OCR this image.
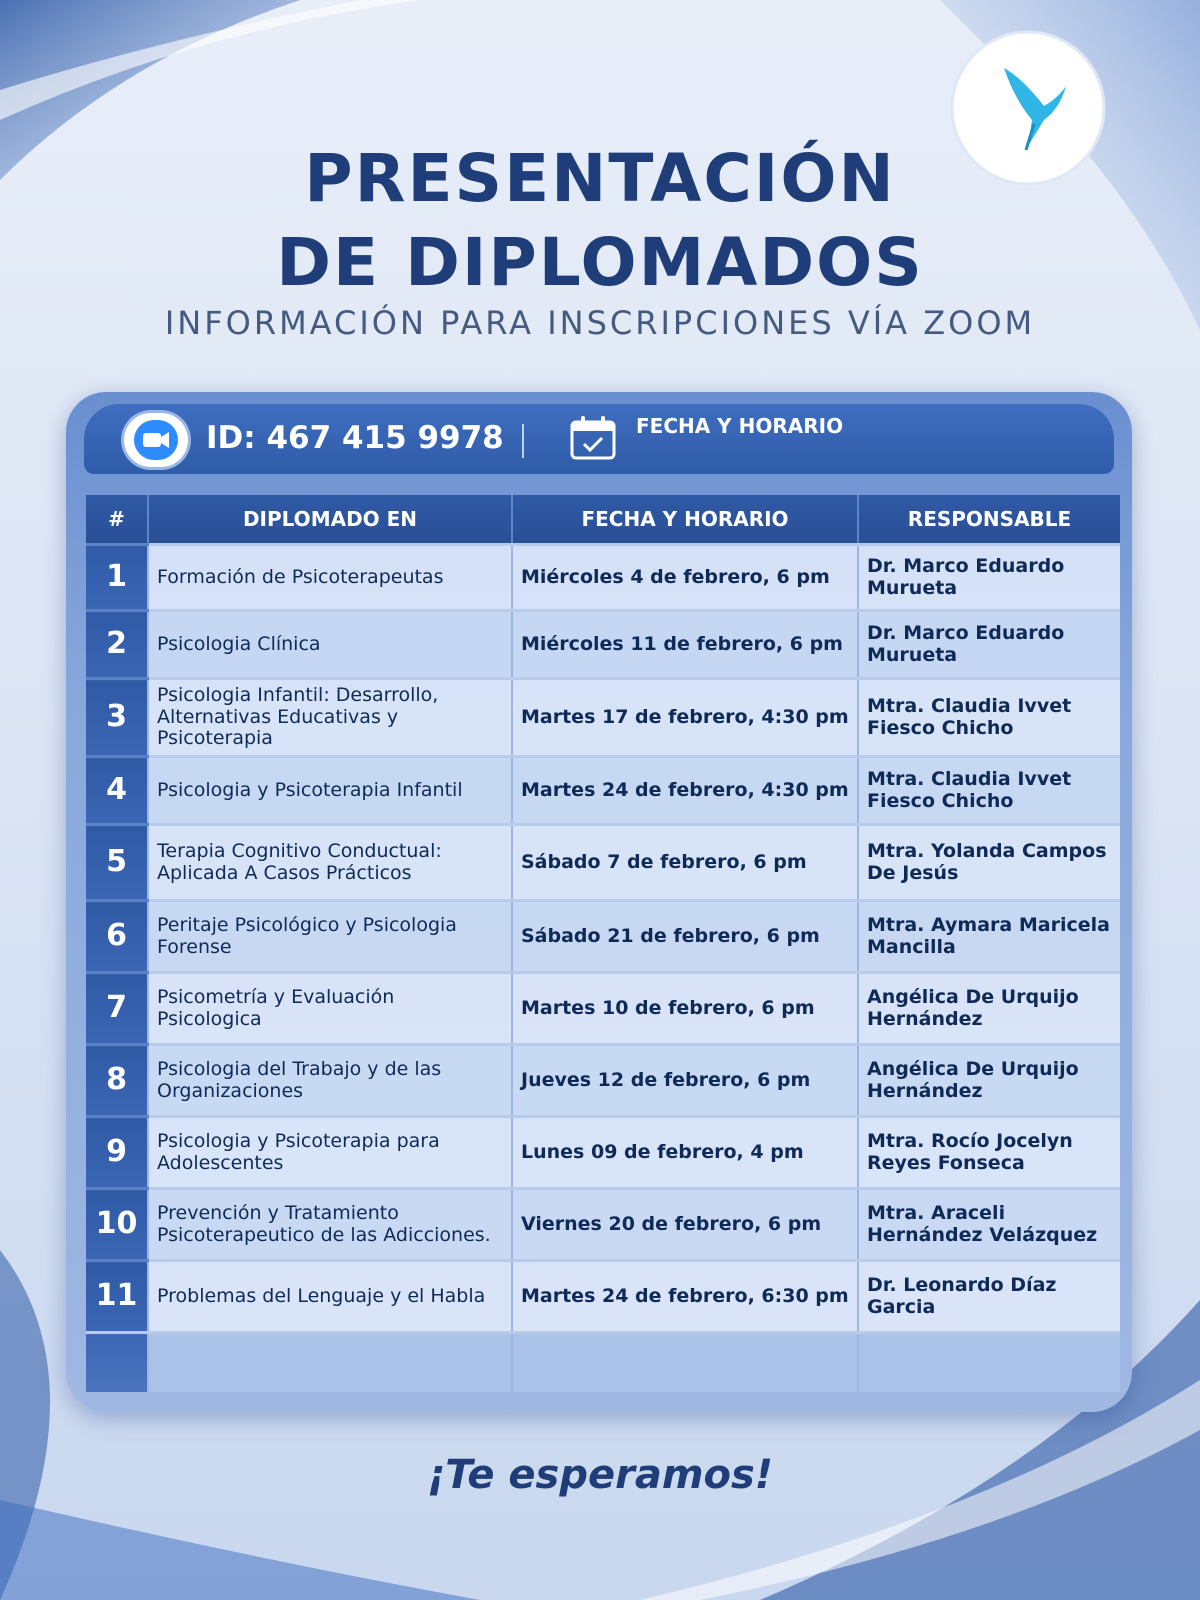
PRESENTACIÓN
DE DIPLOMADOS
INFORMACIÓN PARA INSCRIPCIONES VÍA ZOOM
ID: 467 415 9978	FECHA Y HORARIO
#	DIPLOMADO EN	FECHA Y HORARIO	RESPONSABLE
1	Formación de Psicoterapeutas	Miércoles 4 de febrero, 6 pm	Dr. Marco Eduardo Murueta
2	Psicologia Clínica	Miércoles 11 de febrero, 6 pm	Dr. Marco Eduardo Murueta
3	Psicologia Infantil: Desarrollo, Alternativas Educativas y Psicoterapia	Martes 17 de febrero, 4:30 pm	Mtra. Claudia Ivvet Fiesco Chicho
4	Psicologia y Psicoterapia Infantil	Martes 24 de febrero, 4:30 pm	Mtra. Claudia Ivvet Fiesco Chicho
5	Terapia Cognitivo Conductual: Aplicada A Casos Prácticos	Sábado 7 de febrero, 6 pm	Mtra. Yolanda Campos De Jesús
6	Peritaje Psicológico y Psicologia Forense	Sábado 21 de febrero, 6 pm	Mtra. Aymara Maricela Mancilla
7	Psicometría y Evaluación Psicologica	Martes 10 de febrero, 6 pm	Angélica De Urquijo Hernández
8	Psicologia del Trabajo y de las Organizaciones	Jueves 12 de febrero, 6 pm	Angélica De Urquijo Hernández
9	Psicologia y Psicoterapia para Adolescentes	Lunes 09 de febrero, 4 pm	Mtra. Rocío Jocelyn Reyes Fonseca
10	Prevención y Tratamiento Psicoterapeutico de las Adicciones.	Viernes 20 de febrero, 6 pm	Mtra. Araceli Hernández Velázquez
11	Problemas del Lenguaje y el Habla	Martes 24 de febrero, 6:30 pm	Dr. Leonardo Díaz Garcia

¡Te esperamos!
